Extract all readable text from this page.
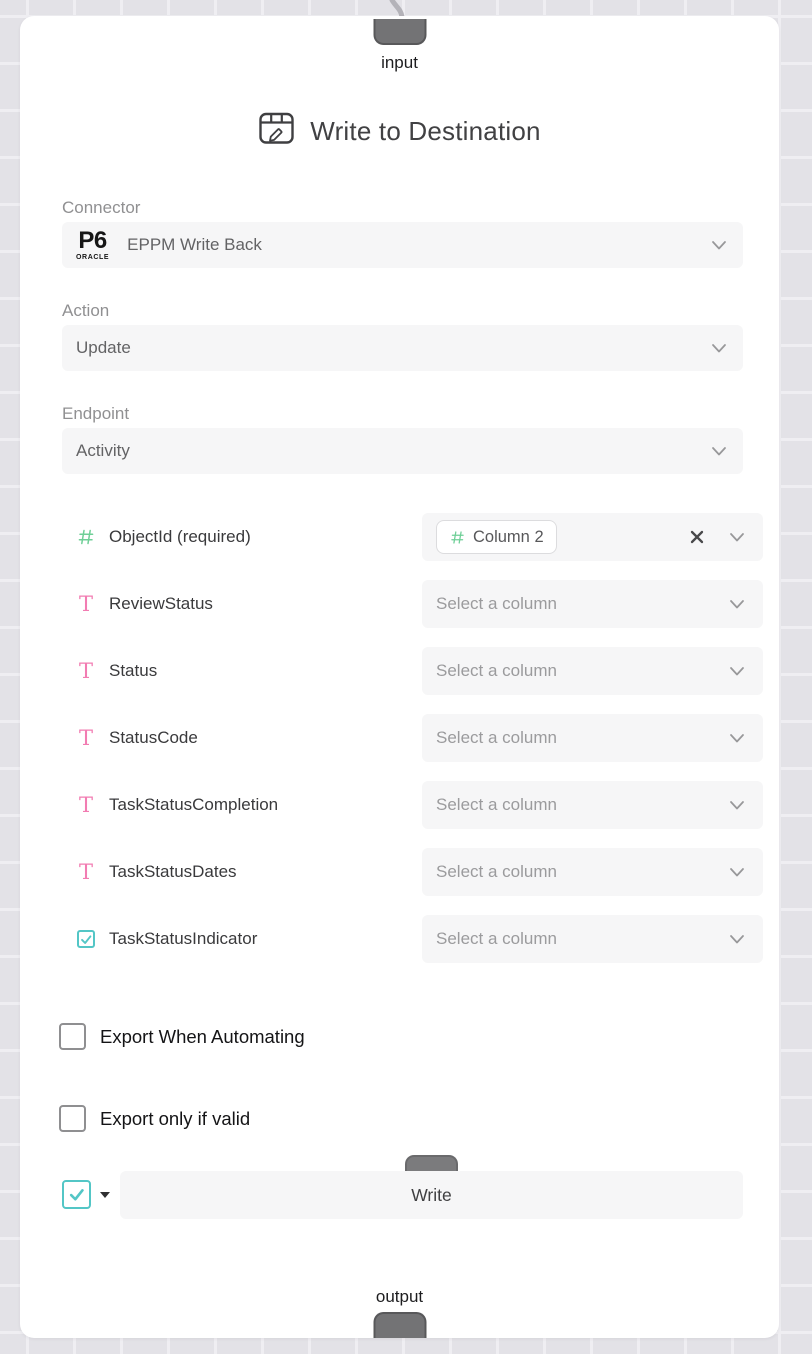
input
Write to Destination
Connector
P6
ORACLE
EPPM Write Back
Action
Update
Endpoint
Activity
ObjectId (required)	Column 2
T ReviewStatus	Select a column
T Status	Select a column
T StatusCode	Select a column
T TaskStatusCompletion	Select a column
T TaskStatusDates	Select a column
TaskStatusIndicator	Select a column
Export When Automating
Export only if valid
Write
output
